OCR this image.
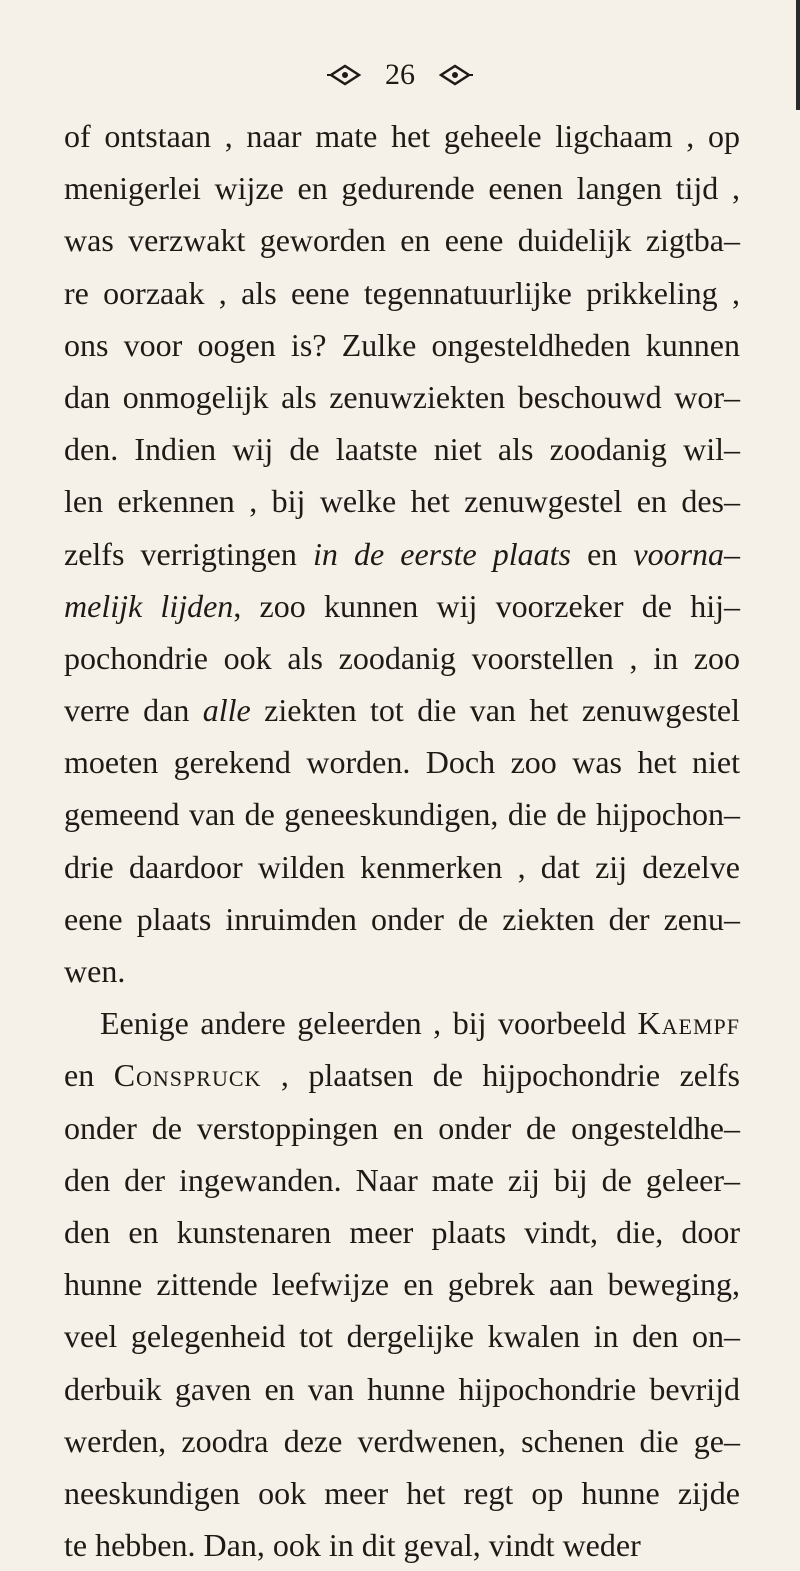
26
of ontstaan , naar mate het geheele ligchaam , op
menigerlei wijze en gedurende eenen langen tijd ,
was verzwakt geworden en eene duidelijk zigtba–
re oorzaak , als eene tegennatuurlijke prikkeling ,
ons voor oogen is? Zulke ongesteldheden kunnen
dan onmogelijk als zenuwziekten beschouwd wor–
den. Indien wij de laatste niet als zoodanig wil–
len erkennen , bij welke het zenuwgestel en des–
zelfs verrigtingen in de eerste plaats en voorna–
melijk lijden, zoo kunnen wij voorzeker de hij–
pochondrie ook als zoodanig voorstellen , in zoo
verre dan alle ziekten tot die van het zenuwgestel
moeten gerekend worden. Doch zoo was het niet
gemeend van de geneeskundigen, die de hijpochon–
drie daardoor wilden kenmerken , dat zij dezelve
eene plaats inruimden onder de ziekten der zenu–
wen.
Eenige andere geleerden , bij voorbeeld Kaempf
en Conspruck , plaatsen de hijpochondrie zelfs
onder de verstoppingen en onder de ongesteldhe–
den der ingewanden. Naar mate zij bij de geleer–
den en kunstenaren meer plaats vindt, die, door
hunne zittende leefwijze en gebrek aan beweging,
veel gelegenheid tot dergelijke kwalen in den on–
derbuik gaven en van hunne hijpochondrie bevrijd
werden, zoodra deze verdwenen, schenen die ge–
neeskundigen ook meer het regt op hunne zijde
te hebben. Dan, ook in dit geval, vindt weder
